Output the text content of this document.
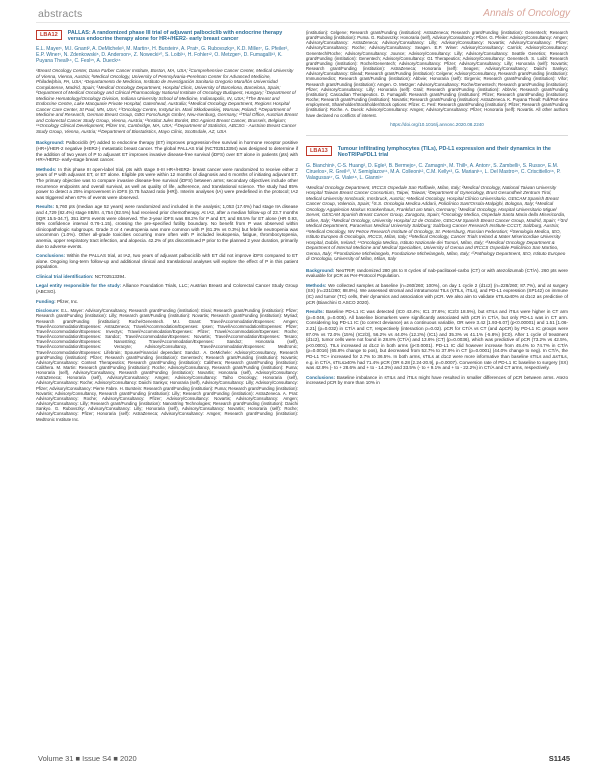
abstracts	Annals of Oncology
LBA12	PALLAS: A randomized phase III trial of adjuvant palbociclib with endocrine therapy versus endocrine therapy alone for HR+/HER2- early breast cancer
E.L. Mayer¹, M.I. Gnant², A. DeMichele³, M. Martin⁴, H. Burstein¹, A. Prat⁵, G. Rubovszky⁶, K.D. Miller⁷, G. Pfeiler², E.P. Winer¹, N. Zdenkowski⁸, D. Anderson⁹, Z. Nowecki¹⁰, S. Loibl¹¹, H. Fohler¹², O. Metzger¹, D. Fumagalli¹³, K. Puyana Theall¹⁴, C. Fesl¹⁵, A. Dueck¹⁶
¹Breast Oncology Center, Dana Farber Cancer Institute, Boston, MA, USA; ²Comprehensive Cancer Center, Medical University of Vienna, Vienna, Austria; ³Medical Oncology, University of Pennsylvania-Perelman Center for Advanced Medicine, Philadelphia, PA, USA; ⁴Departamento de Medicina, Instituto de Investigación Sanitaria Gregorio Marañón Universidad Complutense, Madrid, Spain; ⁵Medical Oncology Department, Hospital Clinic, University of Barcelona, Barcelona, Spain; ⁶Department of Medical Oncology and Clinical Pharmacology National Institute of Oncology Budapest, Hungary; ⁷Department of Medicine Hematology/Oncology Division, Indiana University School of Medicine, Indianapolis, IN, USA; ⁸The Breast and Endocrine Centre, Lake Macquarie Private Hospital, Gateshead, Australia; ⁹Medical Oncology Department, Regions Hospital Cancer Care Center, St Paul, MN, USA; ¹⁰Oncology Centre, Instytut im. Marii Skłodowskiej, Warsaw, Poland; ¹¹Department of Medicine and Research, German Breast Group, GBG Forschungs GmbH, Neu-Isenburg, Germany; ¹²Trial Office, Austrian Breast and Colorectal Cancer Study Group, Vienna, Austria; ¹³Institut Jules Bordet, BIG Against Breast Cancer, Brussels, Belgium; ¹⁴Oncology Clinical Development, Pfizer Inc, Cambridge, MA, USA; ¹⁵Department of Statistics, ABCSG - Austrian Breast Cancer Study Group, Vienna, Austria; ¹⁶Department of Biostatistics, Mayo Clinic, Scottsdale, AZ, USA

Background: Palbociclib (P) added to endocrine therapy (ET) improves progression-free survival in hormone receptor positive (HR+)/HER-2 negative (HER2-) metastatic breast cancer. The global PALLAS trial (NCT02513394) was designed to determine if the addition of two years of P to adjuvant ET improves invasive disease-free survival (iDFS) over ET alone in patients (pts) with HR+/HER2- early-stage breast cancer.

Methods: In this phase III open-label trial, pts with stage II-III HR+/HER2- breast cancer were randomized to receive either 2 years of P with adjuvant ET, or ET alone. Eligible pts were within 12 months of diagnosis and 6 months of initiating adjuvant ET. The primary objective was to compare invasive disease-free survival (iDFS) between arms; secondary objectives include other recurrence endpoints and overall survival, as well as quality of life, adherence, and translational science. The study had 85% power to detect a 25% improvement in iDFS (0.75 hazard ratio [HR]). Interim analyses (IA) were predefined in the protocol; IA2 was triggered when 67% of events were observed.

Results: 5,760 pts (median age 52 years) were randomized and included in the analysis; 1,053 (17.6%) had stage IIA disease and 4,729 (82.4%) stage IIB/III. 4,754 (82.5%) had received prior chemotherapy. At IA2, after a median follow-up of 23.7 months (IQR 15.5-34.7), 351 iDFS events were observed. The 3-year iDFS was 88.2% for P and ET, and 88.5% for ET alone (HR 0.93, 95% confidence interval 0.76-1.15), crossing the pre-specified futility boundary. No benefit from P was observed within clinicopathologic subgroups. Grade 3 or 4 neutropenia was more common with P (61.3% vs 0.3%) but febrile neutropenia was uncommon (1.0%). Other all-grade toxicities occurring more often with P included leukopenia, fatigue, thrombocytopenia, anemia, upper respiratory tract infection, and alopecia. 42.2% of pts discontinued P prior to the planned 2 year duration, primarily due to adverse events.

Conclusions: Within the PALLAS trial, at IA2, two years of adjuvant palbociclib with ET did not improve iDFS compared to ET alone. Ongoing long-term follow-up and additional clinical and translational analyses will explore the effect of P in this patient population.

Clinical trial identification: NCT02513394.

Legal entity responsible for the study: Alliance Foundation Trials, LLC; Austrian Breast and Colorectal Cancer Study Group (ABCSG).

Funding: Pfizer, Inc.

Disclosure: E.L. Mayer: Advisory/Consultancy, Research grant/Funding (institution): Eisai; Research grant/Funding (institution): Pfizer; Research grant/Funding (institution): Lilly; Research grant/Funding (institution): Novartis; Research grant/Funding (institution): Myriad; Research grant/Funding (institution): Roche/Genentech. M.I. Gnant: Travel/Accommodation/Expenses: Amgen; Travel/Accommodation/Expenses: AstraZeneca; Travel/Accommodation/Expenses: Ipsen; Travel/Accommodation/Expenses: Pfizer; Travel/Accommodation/Expenses: Invectys; Travel/Accommodation/Expenses: Pfizer; Travel/Accommodation/Expenses: Roche; Travel/Accommodation/Expenses: Sandoz; Travel/Accommodation/Expenses: Novartis; Travel/Accommodation/Expenses: Tesaro; Travel/Accommodation/Expenses: Nanostring; Travel/Accommodation/Expenses: Sandoz; Honoraria (self), Travel/Accommodation/Expenses: Veracyte; Advisory/Consultancy, Travel/Accommodation/Expenses: Medtronic; Travel/Accommodation/Expenses: Lifebrain; Spouse/Financial dependant: Sandoz. A. DeMichele: Advisory/Consultancy, Research grant/Funding (institution): Pfizer; Research grant/Funding (institution): Genentech; Research grant/Funding (institution): Novartis; Advisory/Consultancy: Context Therapeutics; Research grant/Funding (institution): Calithera; Research grant/Funding (institution): Calithera. M. Martin: Research grant/Funding (institution): Roche; Advisory/Consultancy, Research grant/Funding (institution): Puma; Honoraria (self), Advisory/Consultancy, Research grant/Funding (institution): Novartis; Honoraria (self), Advisory/Consultancy: AstraZeneca; Honoraria (self), Advisory/Consultancy: Amgen; Advisory/Consultancy: Taiho Oncology; Honoraria (self), Advisory/Consultancy: Roche; Advisory/Consultancy: Daiichi Sankyo; Honoraria (self), Advisory/Consultancy: Lilly; Advisory/Consultancy: Pfizer; Advisory/Consultancy: Pierre Fabre. H. Burstein: Research grant/Funding (institution): Puma; Research grant/Funding (institution): Novartis; Advisory/Consultancy, Research grant/Funding (institution): Lilly; Research grant/Funding (institution): AstraZeneca. A. Prat: Advisory/Consultancy: Roche; Advisory/Consultancy: Pfizer; Advisory/Consultancy: Novartis; Advisory/Consultancy: Amgen; Advisory/Consultancy: Lilly; Research grant/Funding (institution): Nanostring Technologies; Research grant/Funding (institution): Daiichi Sankyo. G. Rubovszky: Advisory/Consultancy: Lilly; Honoraria (self), Advisory/Consultancy: Novartis; Honoraria (self): Roche; Advisory/Consultancy: Pfizer; Honoraria (self): AstraZeneca; Advisory/Consultancy: Amgen; Research grant/Funding (institution): Medtronic Institute Inc.

(institution): Celgene; Research grant/Funding (institution): AstraZeneca; Research grant/Funding (institution): Genentech; Research grant/Funding (institution): Puma. G. Rubovszky: Honoraria (self), Advisory/Consultancy: Pfizer. G. Pfeiler: Advisory/Consultancy: Amgen; Advisory/Consultancy: AstraZeneca; Advisory/Consultancy: Lilly; Advisory/Consultancy: Novartis; Advisory/Consultancy: Pfizer; Advisory/Consultancy: Roche; Advisory/Consultancy: Seagen. E.P. Winer: Advisory/Consultancy: Carrick; Advisory/Consultancy: Genentech/Roche; Advisory/Consultancy: Jounce; Advisory/Consultancy: Lilly; Advisory/Consultancy: Seattle Genetics; Research grant/Funding (institution): Genentech; Advisory/Consultancy: G1 Therapeutics; Advisory/Consultancy: Genentech. S. Loibl: Research grant/Funding (institution): Roche/Genentech; Advisory/Consultancy: Pfizer; Advisory/Consultancy: Lilly; Honoraria (self): Novartis; Research grant/Funding (institution): AstraZeneca; Honoraria (self): Seagen; Advisory/Consultancy: Daiichi Sankyo; Advisory/Consultancy: Gilead; Research grant/Funding (institution): Celgene; Advisory/Consultancy, Research grant/Funding (institution): Immunomedics; Research grant/Funding (institution): Abbvie; Honoraria (self): Eirgenix; Research grant/Funding (institution): Vifor; Research grant/Funding (institution): Amgen. O. Metzger: Advisory/Consultancy: Roche/Genentech; Research grant/Funding (institution): Pfizer; Advisory/Consultancy: Lilly; Honoraria (self): Grail; Research grant/Funding (institution): AbbVie; Research grant/Funding (institution): Cascadian Therapeutics. D. Fumagalli: Research grant/Funding (institution): Pfizer; Research grant/Funding (institution): Roche; Research grant/Funding (institution): Novartis; Research grant/Funding (institution): AstraZeneca. K. Puyana Theall: Full/Part-time employment, Shareholder/Stockholder/Stock options: Pfizer. C. Fesl: Research grant/Funding (institution): Pfizer; Research grant/Funding (institution): Roche. A. Dueck: Advisory/Consultancy: Amgen; Advisory/Consultancy: Pfizer; Honoraria (self): Novartis. All other authors have declared no conflicts of interest.

https://doi.org/10.1016/j.annonc.2020.08.2240
LBA13	Tumour infiltrating lymphocytes (TILs), PD-L1 expression and their dynamics in the NeoTRIPaPDL1 trial
G. Bianchini¹, C-S. Huang², D. Egle³, B. Bermejo⁴, C. Zamagni⁵, M. Thill⁶, A. Anton⁷, S. Zambelli¹, S. Russo⁸, E.M. Ciruelos⁹, R. Greil¹⁰, V. Semiglazov¹¹, M.A. Colleoni¹², C.M. Kelly¹³, G. Mariani¹⁴, L. Del Mastro¹⁵, C. Criscitiello¹⁶, P. Valagussa¹⁷, G. Viale¹⁸, L. Gianni¹⁷
¹Medical Oncology Department, IRCCS Ospedale San Raffaele, Milan, Italy; ²Medical Oncology, National Taiwan University Hospital Taiwan Breast Cancer Consortium, Taipei, Taiwan; ³Department of Gynecology, Brust Gesundheit Zentrum Tirol, Medical University Innsbruck, Innsbruck, Austria; ⁴Medical Oncology, Hospital Clínico Universitario, GEICAM Spanish Breast Cancer Group, Valencia, Spain; ⁵S.S. Oncologia Medica Addarii, Policlinico Sant'Orsola-Malpighi, Bologna, Italy; ⁶Medical Oncology Agaplesion Markus Krankenhaus, Frankfurt am Main, Germany; ⁷Medical Oncology, Hospital Universitario Miguel Servet, GEICAM Spanish Breast Cancer Group, Zaragoza, Spain; ⁸Oncology Medica, Ospedale Santa Maria della Misericordia, Udine, Italy; ⁹Medical Oncology, University Hospital 12 de Octubre, GEICAM Spanish Breast Cancer Group, Madrid, Spain; ¹⁰3rd Medical Department, Paracelsus Medical University Salzburg; Salzburg Cancer Research Institute-CCCIT, Salzburg, Austria; ¹¹Medical Oncology, NN Petrov Research Institute of Oncology, St. Petersburg, Russian Federation; ¹²Senologia Medica, IEO, Istituto Europeo di Oncologia, IRCCS, Milan, Italy; ¹³Medical Oncology, Cancer Trials Ireland & Mater Misericordiae University Hospital, Dublin, Ireland; ¹⁴Oncologia Medica, Istituto Nazionale dei Tumori, Milan, Italy; ¹⁵Medical Oncology Department & Department of Internal Medicine and Medical Specialties, University of Genoa and IRCCS Ospedale Policlinico San Martino, Genoa, Italy; ¹⁶Fondazione Michelangelo, Fondazione Michelangelo, Milan, Italy; ¹⁷Pathology Department, IEO, Istituto Europeo di Oncologia, University of Milan, Milan, Italy

Background: NeoTRIP, randomized 280 pts to 8 cycles of nab-paclitaxel-carbo (CT) or with atezolizumab (CT/A). 260 pts were evaluable for pCR as Per-Protocol Population.

Methods: We collected samples at baseline (n=260/260; 100%), on day 1 cycle 2 (d1c2) (n=228/260; 87.7%), and at surgery (SX) (n=231/260; 88.8%). We assessed stromal and intratumoral TILs (sTILs, iTILs), and PD-L1 expression (SP142) on immune (IC) and tumor (TC) cells, their dynamics and association with pCR. We also aim to validate sTILs≥40% at d1c2 as predictive of pCR (Bianchini G ASCO 2020).

Results: Baseline PD-L1 IC was detected (IC0 43.4%; IC1 37.6%; IC2/3 18.5%), but sTILs and iTILs were higher in CT arm (p=0.046, p=0.005). All baseline biomarkers were significantly associated with pCR in CT/A, but only PD-L1 was in CT arm. Considering log PD-L1 IC (to correct deviance) as a continuous variable, OR were 3.42 [1.93-6.07] (p<0.00001) and 1.51 [1.06-2.21] (p=0.032) in CT/A and CT, respectively (interaction p=0.02). pCR for CT/A vs CT (and ΔpCR) by PD-L1 IC groups were 87.0% vs 72.0% (15%) (IC2/3), 56.2% vs 44.0% (12.2%) (IC1) and 35.3% vs 41.1% (-5.8%) (IC0). After 1 cycle of treatment (d1c2), tumor cells were not found in 28.8% (CT/A) and 13.6% (CT) (p=0.0036), which was predictive of pCR (73.2% vs 42.5%, p<0.0001). TILs increased at d1c2 in both arms (p<0.0001). PD-L1 IC did however increase from 45.4% to 74.7% in CT/A (p=0.0016) (65.8% change to pos), but decreased from 52.7% to 37.9% in CT (p=0.0001) (44.0% change to neg). In CT/A, the PD-L1 TC+ increased for 2.7% to 36.5%. In both arms, sTILs at d1c2 were more informative than baseline sTILs and ΔsTILs, e.g. in CT/A, sTILs≥40% had 71.4% pCR (OR 6.28 [2.24-20.9], p=0.0007). Conversion rate of PD-L1 IC baseline to surgery (SX) was 42.9% (- to + 28.6% and + to - 14.3%) and 33.5% (- to + 9.1% and + to - 22.2%) in CT/A and CT arms, respectively.

Conclusions: Baseline imbalance in sTILs and iTILs might have resulted in smaller differences of pCR between arms. Atezo increased pCR by more than 10% in

Volume 31 ■ Issue S4 ■ 2020	S1145
